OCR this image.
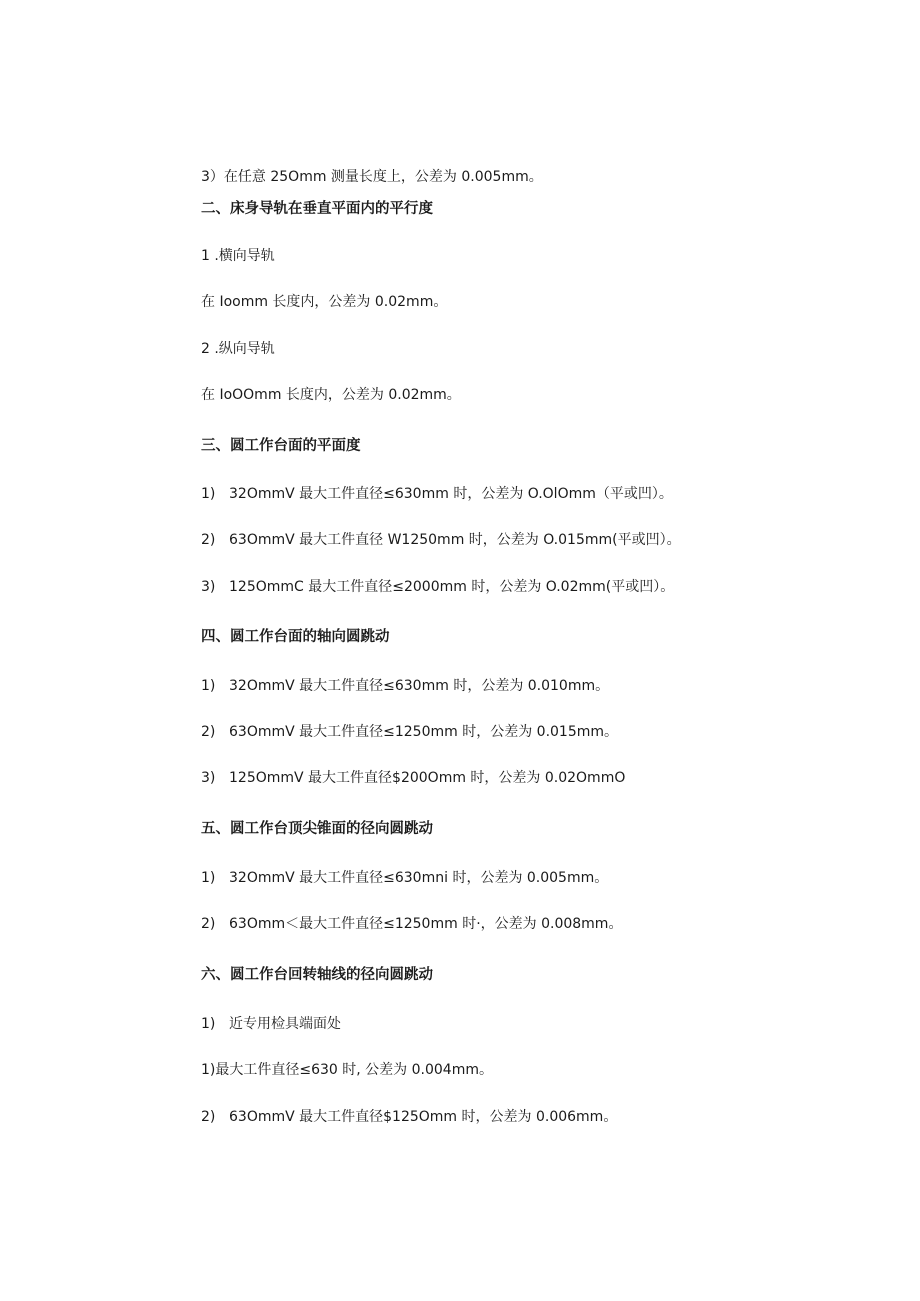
3）在任意 25Omm 测量长度上，公差为 0.005mm。
二、床身导轨在垂直平面内的平行度
1 .横向导轨
在 Ioomm 长度内，公差为 0.02mm。
2 .纵向导轨
在 IoOOmm 长度内，公差为 0.02mm。
三、圆工作台面的平面度
1) 32OmmV 最大工件直径≤630mm 时，公差为 O.OlOmm（平或凹）。
2) 63OmmV 最大工件直径 W1250mm 时，公差为 O.015mm(平或凹）。
3) 125OmmC 最大工件直径≤2000mm 时，公差为 O.02mm(平或凹）。
四、圆工作台面的轴向圆跳动
1) 32OmmV 最大工件直径≤630mm 时，公差为 0.010mm。
2) 63OmmV 最大工件直径≤1250mm 时，公差为 0.015mm。
3) 125OmmV 最大工件直径$200Omm 时，公差为 0.02OmmO
五、圆工作台顶尖锥面的径向圆跳动
1) 32OmmV 最大工件直径≤630mni 时，公差为 0.005mm。
2) 63Omm＜最大工件直径≤1250mm 时·，公差为 0.008mm。
六、圆工作台回转轴线的径向圆跳动
1) 近专用检具端面处
1)最大工件直径≤630 时, 公差为 0.004mm。
2) 63OmmV 最大工件直径$125Omm 时，公差为 0.006mm。
